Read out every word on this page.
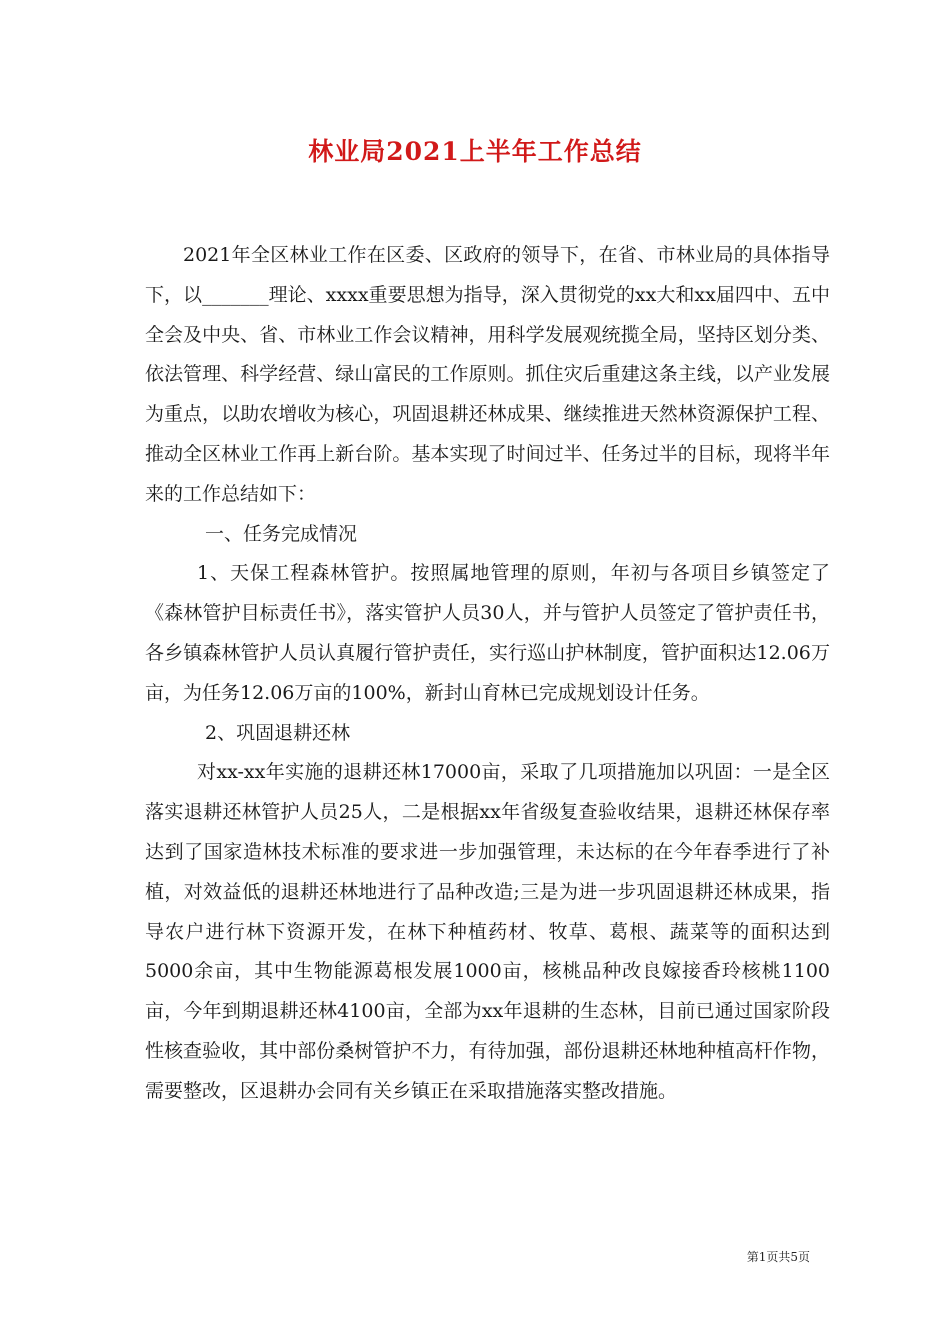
林业局2021上半年工作总结

2021年全区林业工作在区委、区政府的领导下，在省、市林业局的具体指导下，以_______理论、xxxx重要思想为指导，深入贯彻党的xx大和xx届四中、五中全会及中央、省、市林业工作会议精神，用科学发展观统揽全局，坚持区划分类、依法管理、科学经营、绿山富民的工作原则。抓住灾后重建这条主线，以产业发展为重点，以助农增收为核心，巩固退耕还林成果、继续推进天然林资源保护工程、推动全区林业工作再上新台阶。基本实现了时间过半、任务过半的目标，现将半年来的工作总结如下：

一、任务完成情况

1、天保工程森林管护。按照属地管理的原则，年初与各项目乡镇签定了《森林管护目标责任书》，落实管护人员30人，并与管护人员签定了管护责任书，各乡镇森林管护人员认真履行管护责任，实行巡山护林制度，管护面积达12.06万亩，为任务12.06万亩的100%，新封山育林已完成规划设计任务。

2、巩固退耕还林

对xx-xx年实施的退耕还林17000亩，采取了几项措施加以巩固：一是全区落实退耕还林管护人员25人，二是根据xx年省级复查验收结果，退耕还林保存率达到了国家造林技术标准的要求进一步加强管理，未达标的在今年春季进行了补植，对效益低的退耕还林地进行了品种改造;三是为进一步巩固退耕还林成果，指导农户进行林下资源开发，在林下种植药材、牧草、葛根、蔬菜等的面积达到5000余亩，其中生物能源葛根发展1000亩，核桃品种改良嫁接香玲核桃1100亩，今年到期退耕还林4100亩，全部为xx年退耕的生态林，目前已通过国家阶段性核查验收，其中部份桑树管护不力，有待加强，部份退耕还林地种植高杆作物，需要整改，区退耕办会同有关乡镇正在采取措施落实整改措施。

第1页共5页
